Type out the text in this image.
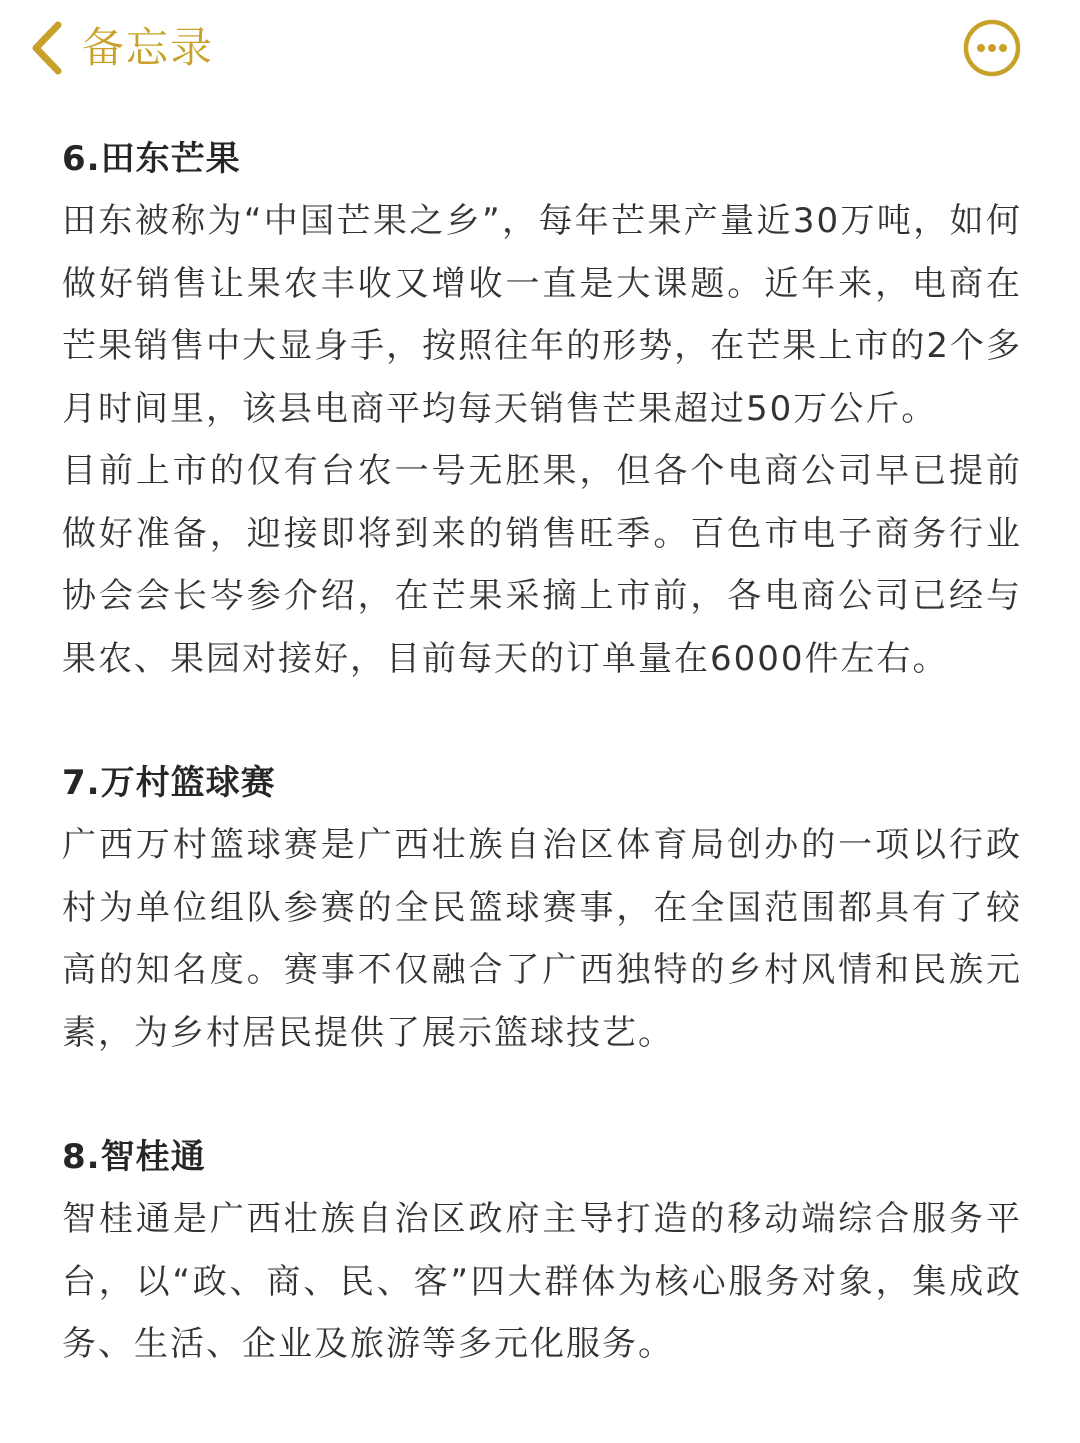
备忘录
6.田东芒果

田东被称为“中国芒果之乡”，每年芒果产量近30万吨，如何做好销售让果农丰收又增收一直是大课题。近年来，电商在芒果销售中大显身手，按照往年的形势，在芒果上市的2个多月时间里，该县电商平均每天销售芒果超过50万公斤。

目前上市的仅有台农一号无胚果，但各个电商公司早已提前做好准备，迎接即将到来的销售旺季。百色市电子商务行业协会会长岑参介绍，在芒果采摘上市前，各电商公司已经与果农、果园对接好，目前每天的订单量在6000件左右。

7.万村篮球赛

广西万村篮球赛是广西壮族自治区体育局创办的一项以行政村为单位组队参赛的全民篮球赛事，在全国范围都具有了较高的知名度。赛事不仅融合了广西独特的乡村风情和民族元素，为乡村居民提供了展示篮球技艺。

8.智桂通

智桂通是广西壮族自治区政府主导打造的移动端综合服务平台，以“政、商、民、客”四大群体为核心服务对象，集成政务、生活、企业及旅游等多元化服务。
